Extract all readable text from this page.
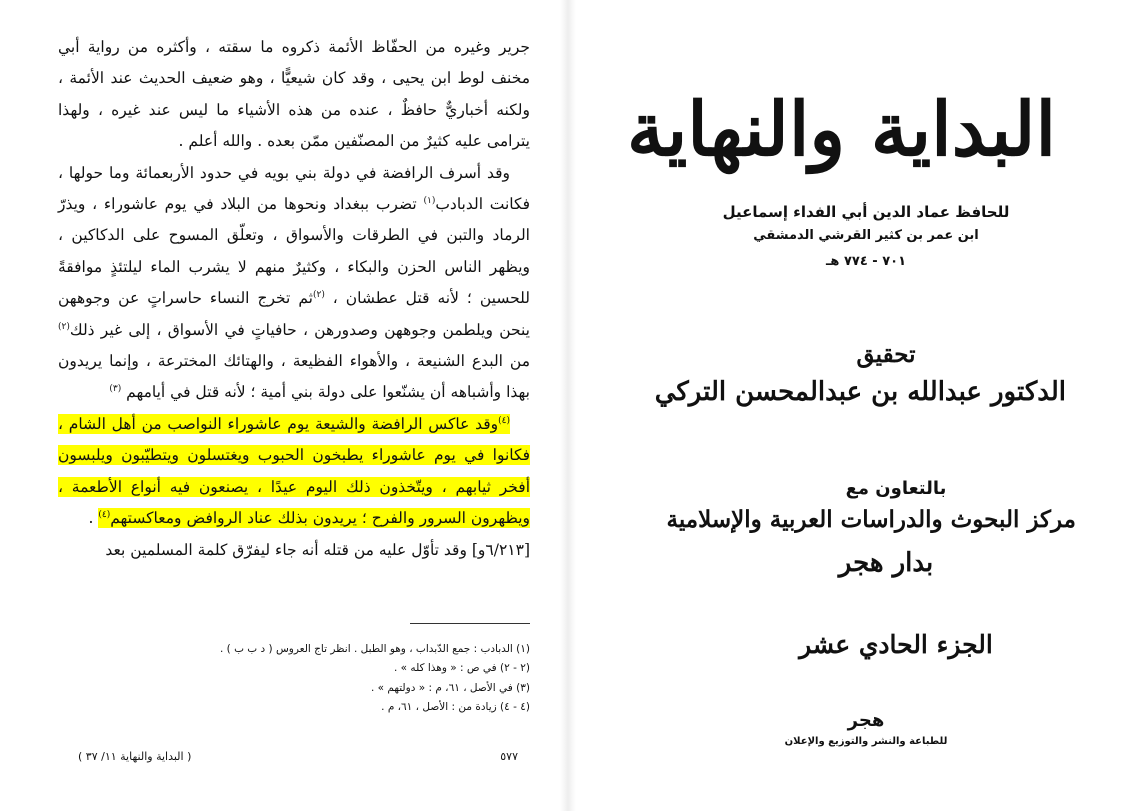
جرير وغيره من الحفّاظ الأئمة ذكروه ما سقته ، وأكثره من رواية أبي مخنف لوط ابن يحيى ، وقد كان شيعيًّا ، وهو ضعيف الحديث عند الأئمة ، ولكنه أخباريٌّ حافظٌ ، عنده من هذه الأشياء ما ليس عند غيره ، ولهذا يترامى عليه كثيرٌ من المصنّفين ممّن بعده . والله أعلم .

وقد أسرف الرافضة في دولة بني بويه في حدود الأربعمائة وما حولها ، فكانت الدبادب$^{(١)}$ تضرب ببغداد ونحوها من البلاد في يوم عاشوراء ، ويذرّ الرماد والتبن في الطرقات والأسواق ، وتعلّق المسوح على الدكاكين ، ويظهر الناس الحزن والبكاء ، وكثيرٌ منهم لا يشرب الماء ليلتئذٍ موافقةً للحسين ؛ لأنه قتل عطشان ، $^{(٢)}$ثم تخرج النساء حاسراتٍ عن وجوههن ينحن ويلطمن وجوههن وصدورهن ، حافياتٍ في الأسواق ، إلى غير ذلك$^{(٢)}$ من البدع الشنيعة ، والأهواء الفظيعة ، والهتائك المخترعة ، وإنما يريدون بهذا وأشباهه أن يشنّعوا على دولة بني أمية ؛ لأنه قتل في أيامهم $^{(٣)}$

$^{(٤)}$وقد عاكس الرافضة والشيعة يوم عاشوراء النواصب من أهل الشام ، فكانوا في يوم عاشوراء يطبخون الحبوب ويغتسلون ويتطيّبون ويلبسون أفخر ثيابهم ، ويتّخذون ذلك اليوم عيدًا ، يصنعون فيه أنواع الأطعمة ، ويظهرون السرور والفرح ؛ يريدون بذلك عناد الروافض ومعاكستهم$^{(٤)}$ .

[٦/٢١٣و] وقد تأوّل عليه من قتله أنه جاء ليفرّق كلمة المسلمين بعد

(١) الدبادب : جمع الدّبداب ، وهو الطبل . انظر تاج العروس ( د ب ب ) .

(٢ - ٢) في ص : « وهذا كله » .

(٣) في الأصل ، ٦١، م : « دولتهم » .

(٤ - ٤) زيادة من : الأصل ، ٦١، م .

٥٧٧
( البداية والنهاية ١١/ ٣٧ )
البداية والنهاية
للحافظ عماد الدين أبي الفداء إسماعيل
ابن عمر بن كثير القرشي الدمشقي
٧٠١ - ٧٧٤ هـ
تحقيق
الدكتور عبدالله بن عبدالمحسن التركي
بالتعاون مع
مركز البحوث والدراسات العربية والإسلامية
بدار هجر
الجزء الحادي عشر
هجر
للطباعة والنشر والتوزيع والإعلان
